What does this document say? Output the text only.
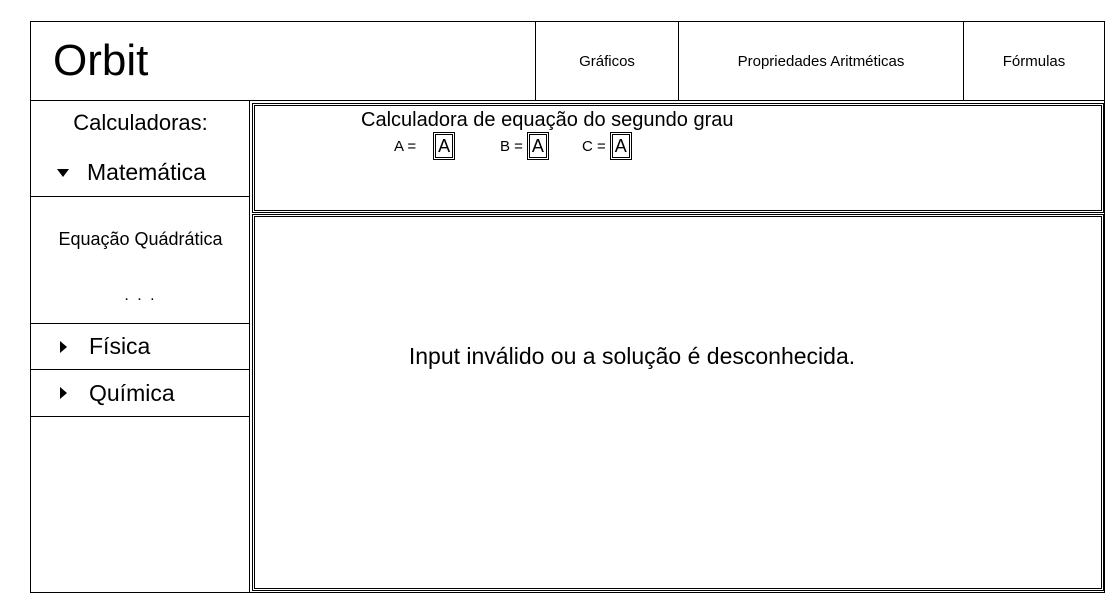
Orbit	Gráficos	Propriedades Aritméticas	Fórmulas
Calculadoras:
Matemática
Equação Quádrática
. . .
Física
Química
Calculadora de equação do segundo grau
A =
A	B =
A	C =
A
Input inválido ou a solução é desconhecida.
